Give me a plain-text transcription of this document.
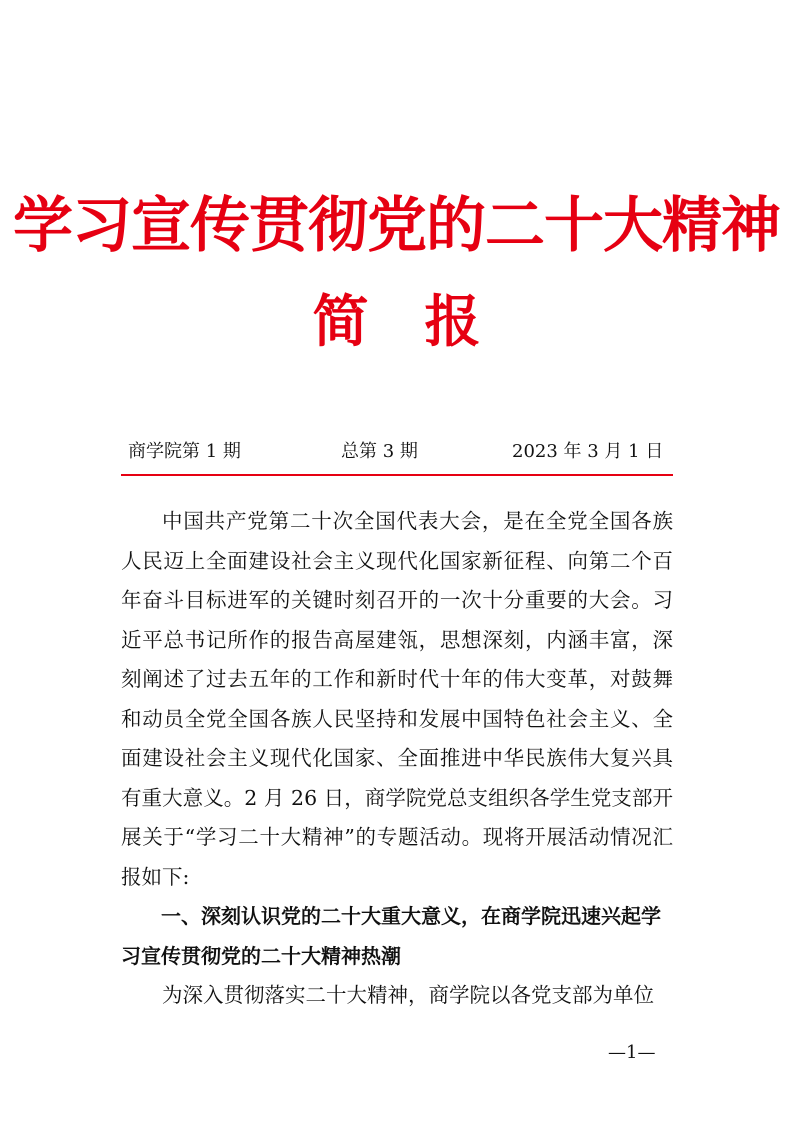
学习宣传贯彻党的二十大精神
简报
商学院第 1 期	总第 3 期	2023 年 3 月 1 日

中国共产党第二十次全国代表大会，是在全党全国各族人民迈上全面建设社会主义现代化国家新征程、向第二个百年奋斗目标进军的关键时刻召开的一次十分重要的大会。习近平总书记所作的报告高屋建瓴，思想深刻，内涵丰富，深刻阐述了过去五年的工作和新时代十年的伟大变革，对鼓舞和动员全党全国各族人民坚持和发展中国特色社会主义、全面建设社会主义现代化国家、全面推进中华民族伟大复兴具有重大意义。2 月 26 日，商学院党总支组织各学生党支部开展关于“学习二十大精神”的专题活动。现将开展活动情况汇报如下:

一、深刻认识党的二十大重大意义，在商学院迅速兴起学习宣传贯彻党的二十大精神热潮

为深入贯彻落实二十大精神，商学院以各党支部为单位

—1—
